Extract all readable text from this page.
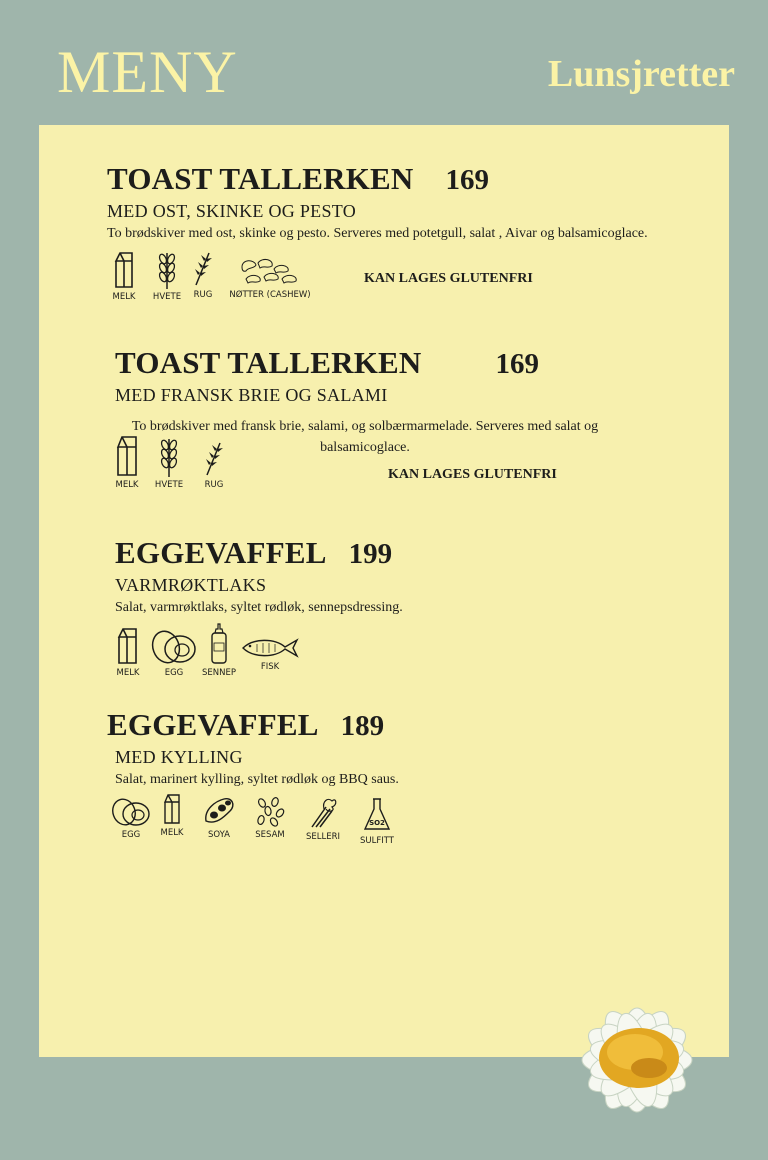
MENY	Lunsjretter
TOAST TALLERKEN 169
MED OST, SKINKE OG PESTO
To brødskiver med ost, skinke og pesto. Serveres med potetgull, salat , Aivar og balsamicoglace.
KAN LAGES GLUTENFRI
MELK	HVETE	RUG	NØTTER (CASHEW)
TOAST TALLERKEN	169
MED FRANSK BRIE OG SALAMI
To brødskiver med fransk brie, salami, og solbærmarmelade. Serveres med salat og
balsamicoglace.
KAN LAGES GLUTENFRI
MELK	HVETE	RUG
EGGEVAFFEL 199
VARMRØKTLAKS
Salat, varmrøktlaks, syltet rødløk, sennepsdressing.
MELK	EGG	SENNEP
FISK
EGGEVAFFEL 189
MED KYLLING
Salat, marinert kylling, syltet rødløk og BBQ saus.
EGG	MELK	SOYA	SESAM	SELLERI
SO2
SULFITT
